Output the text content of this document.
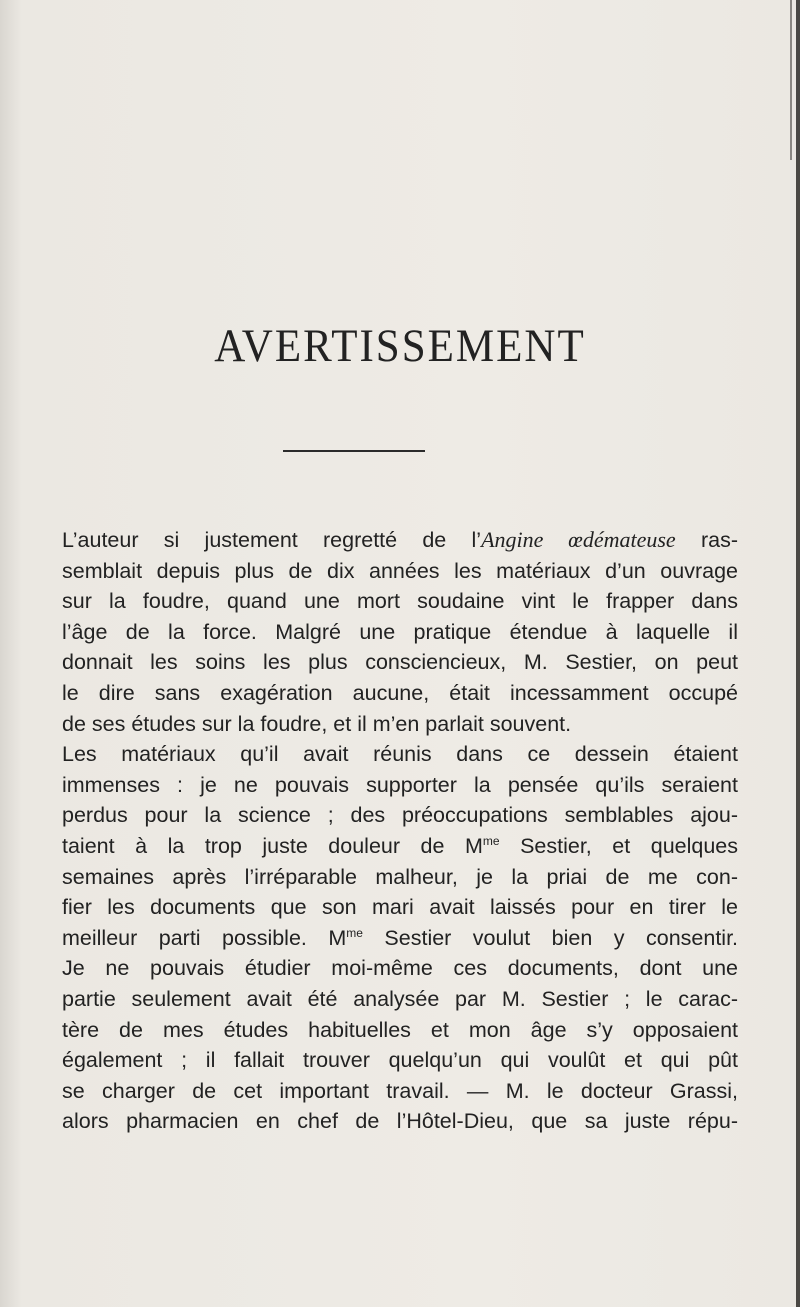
AVERTISSEMENT
L’auteur si justement regretté de l’Angine œdémateuse ras-
semblait depuis plus de dix années les matériaux d’un ouvrage
sur la foudre, quand une mort soudaine vint le frapper dans
l’âge de la force. Malgré une pratique étendue à laquelle il
donnait les soins les plus consciencieux, M. Sestier, on peut
le dire sans exagération aucune, était incessamment occupé
de ses études sur la foudre, et il m’en parlait souvent.
Les matériaux qu’il avait réunis dans ce dessein étaient
immenses : je ne pouvais supporter la pensée qu’ils seraient
perdus pour la science ; des préoccupations semblables ajou-
taient à la trop juste douleur de $M^{me}$ Sestier, et quelques
semaines après l’irréparable malheur, je la priai de me con-
fier les documents que son mari avait laissés pour en tirer le
meilleur parti possible. $M^{me}$ Sestier voulut bien y consentir.
Je ne pouvais étudier moi-même ces documents, dont une
partie seulement avait été analysée par M. Sestier ; le carac-
tère de mes études habituelles et mon âge s’y opposaient
également ; il fallait trouver quelqu’un qui voulût et qui pût
se charger de cet important travail. — M. le docteur Grassi,
alors pharmacien en chef de l’Hôtel-Dieu, que sa juste répu-
